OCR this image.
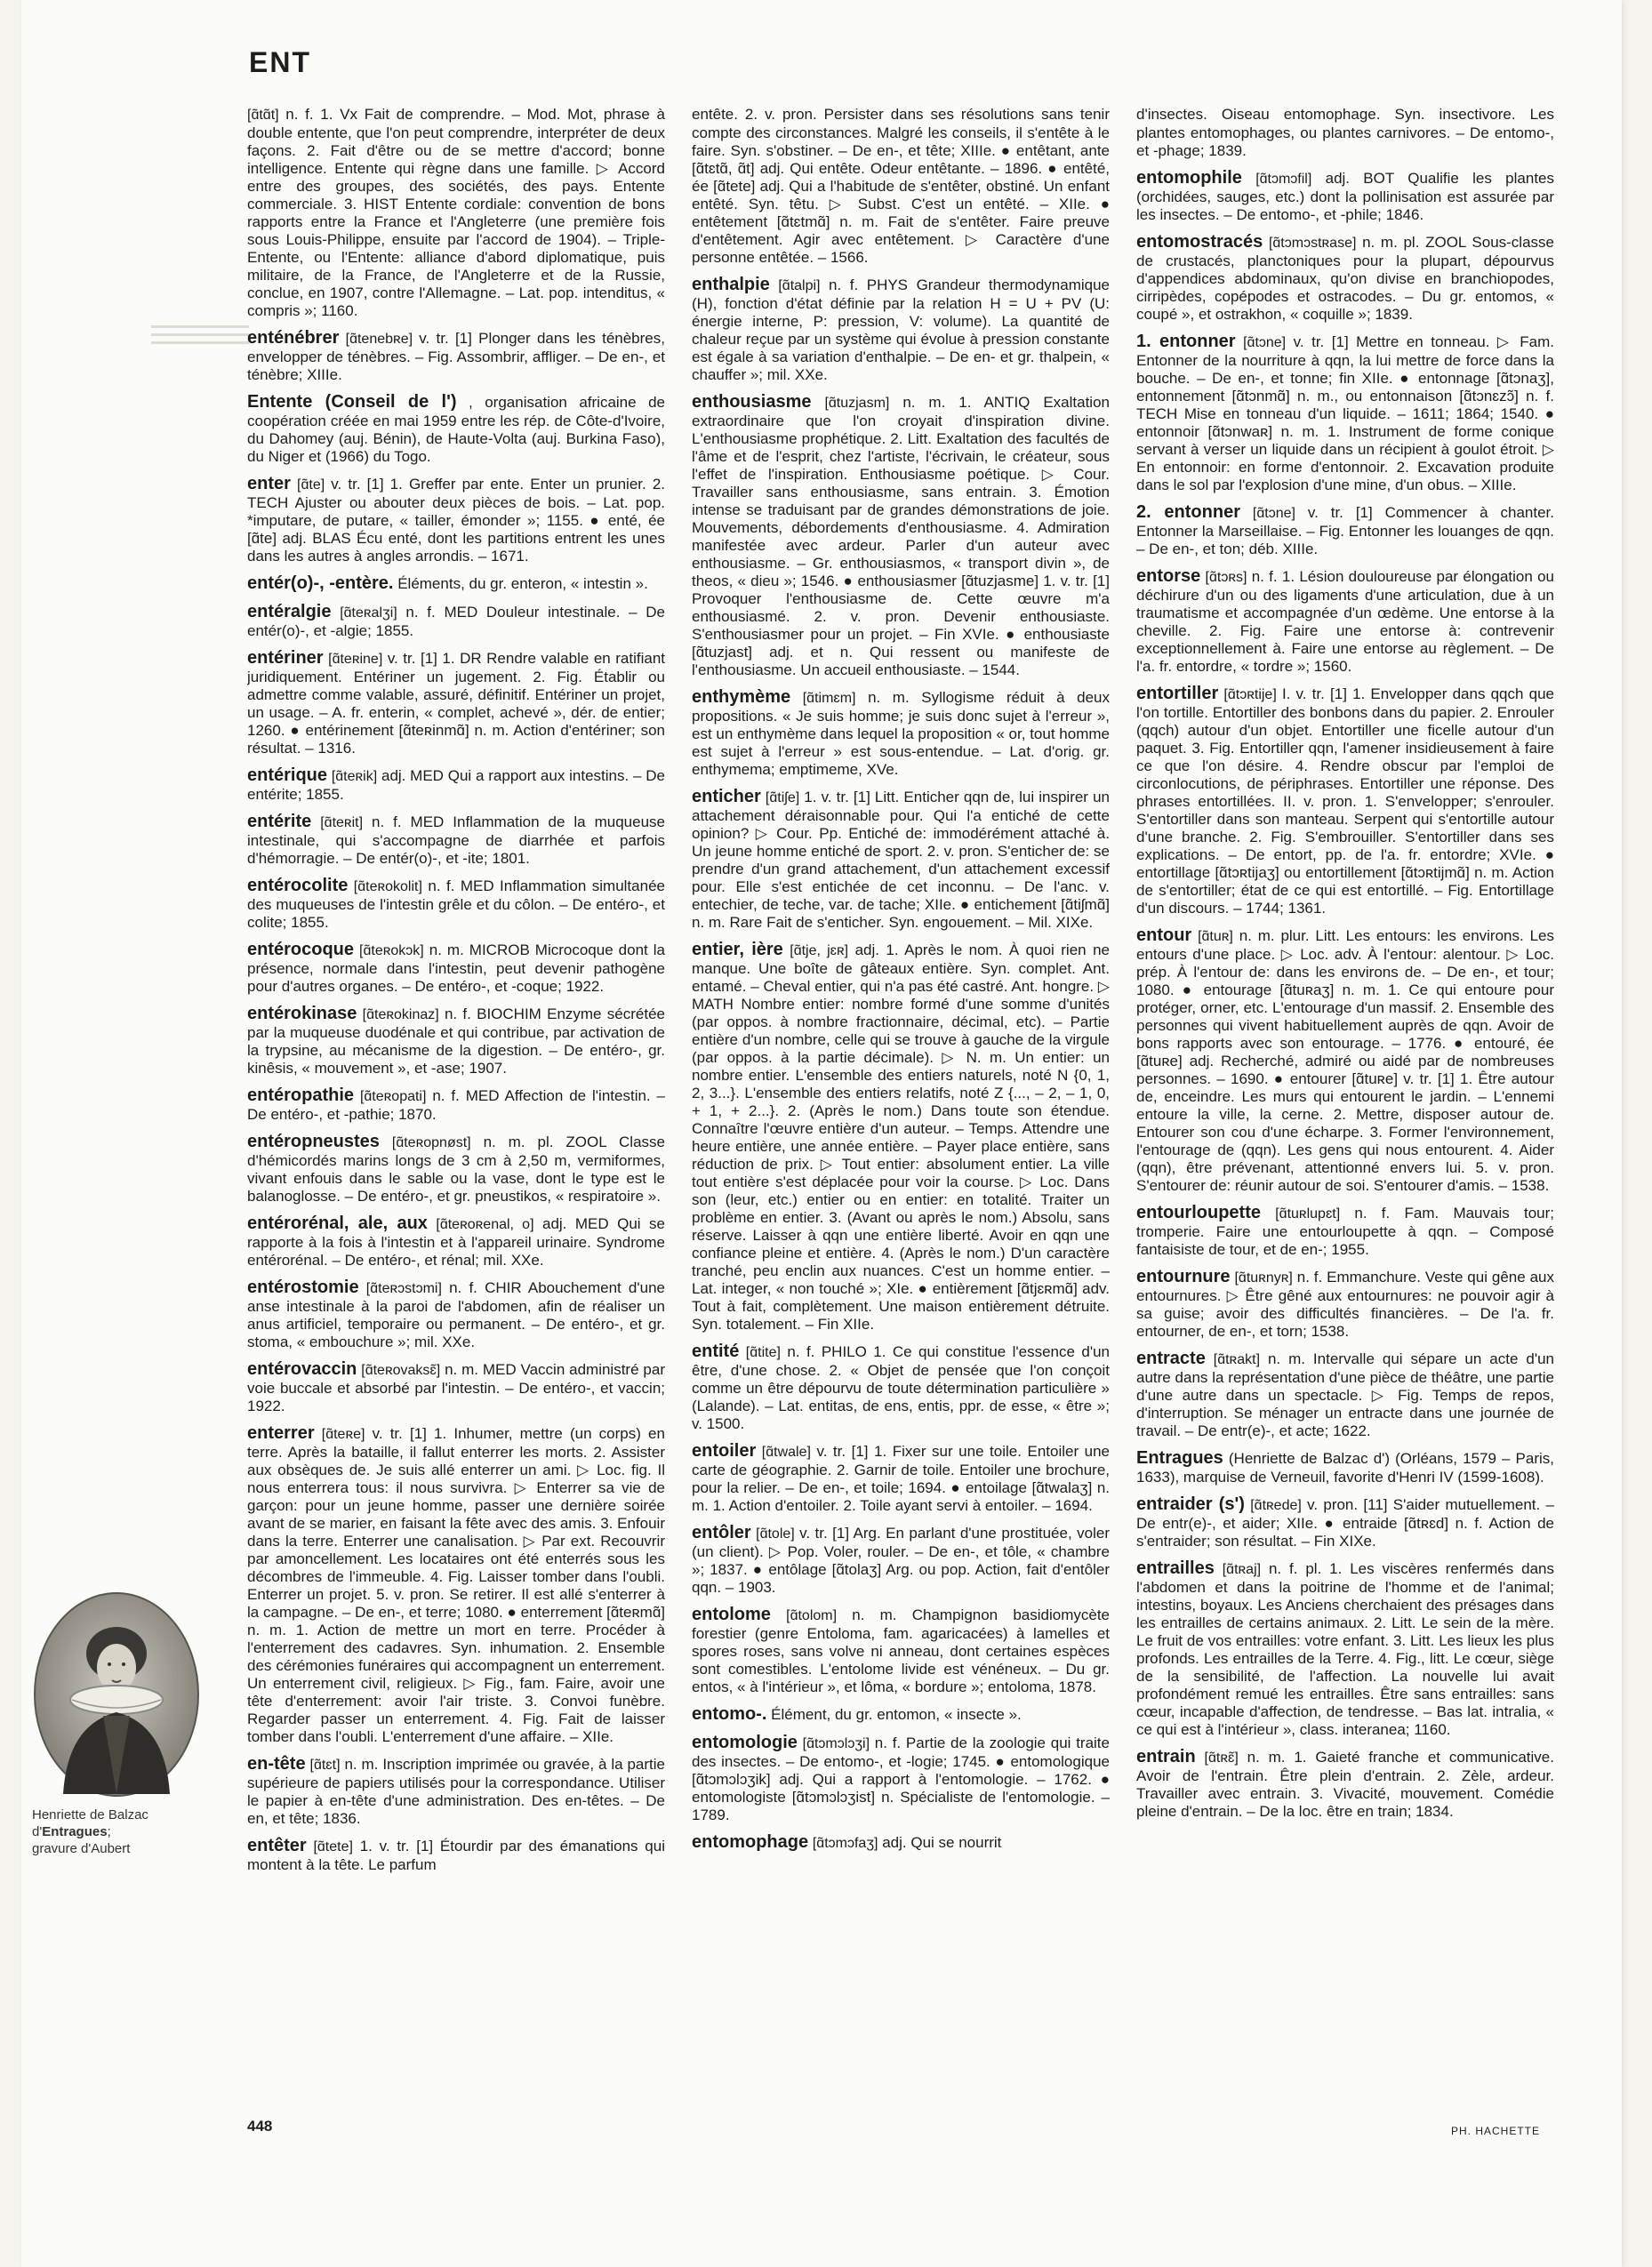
ENT

[ɑ̃tɑ̃t] n. f. 1. Vx Fait de comprendre. – Mod. Mot, phrase à double entente, que l'on peut comprendre, interpréter de deux façons. 2. Fait d'être ou de se mettre d'accord; bonne intelligence. Entente qui règne dans une famille. ▷ Accord entre des groupes, des sociétés, des pays. Entente commerciale. 3. HIST Entente cordiale: convention de bons rapports entre la France et l'Angleterre (une première fois sous Louis-Philippe, ensuite par l'accord de 1904). – Triple-Entente, ou l'Entente: alliance d'abord diplomatique, puis militaire, de la France, de l'Angleterre et de la Russie, conclue, en 1907, contre l'Allemagne. – Lat. pop. intenditus, « compris »; 1160.

enténébrer [ɑ̃tenebʀe] v. tr. [1] Plonger dans les ténèbres, envelopper de ténèbres. – Fig. Assombrir, affliger. – De en-, et ténèbre; XIIIe.

Entente (Conseil de l') , organisation africaine de coopération créée en mai 1959 entre les rép. de Côte-d'Ivoire, du Dahomey (auj. Bénin), de Haute-Volta (auj. Burkina Faso), du Niger et (1966) du Togo.

enter [ɑ̃te] v. tr. [1] 1. Greffer par ente. Enter un prunier. 2. TECH Ajuster ou abouter deux pièces de bois. – Lat. pop. *imputare, de putare, « tailler, émonder »; 1155. ● enté, ée [ɑ̃te] adj. BLAS Écu enté, dont les partitions entrent les unes dans les autres à angles arrondis. – 1671.

entér(o)-, -entère. Éléments, du gr. enteron, « intestin ».

entéralgie [ɑ̃teʀalʒi] n. f. MED Douleur intestinale. – De entér(o)-, et -algie; 1855.

entériner [ɑ̃teʀine] v. tr. [1] 1. DR Rendre valable en ratifiant juridiquement. Entériner un jugement. 2. Fig. Établir ou admettre comme valable, assuré, définitif. Entériner un projet, un usage. – A. fr. enterin, « complet, achevé », dér. de entier; 1260. ● entérinement [ɑ̃teʀinmɑ̃] n. m. Action d'entériner; son résultat. – 1316.

entérique [ɑ̃teʀik] adj. MED Qui a rapport aux intestins. – De entérite; 1855.

entérite [ɑ̃teʀit] n. f. MED Inflammation de la muqueuse intestinale, qui s'accompagne de diarrhée et parfois d'hémorragie. – De entér(o)-, et -ite; 1801.

entérocolite [ɑ̃teʀokolit] n. f. MED Inflammation simultanée des muqueuses de l'intestin grêle et du côlon. – De entéro-, et colite; 1855.

entérocoque [ɑ̃teʀokɔk] n. m. MICROB Microcoque dont la présence, normale dans l'intestin, peut devenir pathogène pour d'autres organes. – De entéro-, et -coque; 1922.

entérokinase [ɑ̃teʀokinaz] n. f. BIOCHIM Enzyme sécrétée par la muqueuse duodénale et qui contribue, par activation de la trypsine, au mécanisme de la digestion. – De entéro-, gr. kinêsis, « mouvement », et -ase; 1907.

entéropathie [ɑ̃teʀopati] n. f. MED Affection de l'intestin. – De entéro-, et -pathie; 1870.

entéropneustes [ɑ̃teʀopnøst] n. m. pl. ZOOL Classe d'hémicordés marins longs de 3 cm à 2,50 m, vermiformes, vivant enfouis dans le sable ou la vase, dont le type est le balanoglosse. – De entéro-, et gr. pneustikos, « respiratoire ».

entérorénal, ale, aux [ɑ̃teʀoʀenal, o] adj. MED Qui se rapporte à la fois à l'intestin et à l'appareil urinaire. Syndrome entérorénal. – De entéro-, et rénal; mil. XXe.

entérostomie [ɑ̃teʀɔstɔmi] n. f. CHIR Abouchement d'une anse intestinale à la paroi de l'abdomen, afin de réaliser un anus artificiel, temporaire ou permanent. – De entéro-, et gr. stoma, « embouchure »; mil. XXe.

entérovaccin [ɑ̃teʀovaksɛ̃] n. m. MED Vaccin administré par voie buccale et absorbé par l'intestin. – De entéro-, et vaccin; 1922.

enterrer [ɑ̃teʀe] v. tr. [1] 1. Inhumer, mettre (un corps) en terre. Après la bataille, il fallut enterrer les morts. 2. Assister aux obsèques de. Je suis allé enterrer un ami. ▷ Loc. fig. Il nous enterrera tous: il nous survivra. ▷ Enterrer sa vie de garçon: pour un jeune homme, passer une dernière soirée avant de se marier, en faisant la fête avec des amis. 3. Enfouir dans la terre. Enterrer une canalisation. ▷ Par ext. Recouvrir par amoncellement. Les locataires ont été enterrés sous les décombres de l'immeuble. 4. Fig. Laisser tomber dans l'oubli. Enterrer un projet. 5. v. pron. Se retirer. Il est allé s'enterrer à la campagne. – De en-, et terre; 1080. ● enterrement [ɑ̃teʀmɑ̃] n. m. 1. Action de mettre un mort en terre. Procéder à l'enterrement des cadavres. Syn. inhumation. 2. Ensemble des cérémonies funéraires qui accompagnent un enterrement. Un enterrement civil, religieux. ▷ Fig., fam. Faire, avoir une tête d'enterrement: avoir l'air triste. 3. Convoi funèbre. Regarder passer un enterrement. 4. Fig. Fait de laisser tomber dans l'oubli. L'enterrement d'une affaire. – XIIe.

en-tête [ɑ̃tɛt] n. m. Inscription imprimée ou gravée, à la partie supérieure de papiers utilisés pour la correspondance. Utiliser le papier à en-tête d'une administration. Des en-têtes. – De en, et tête; 1836.

entêter [ɑ̃tete] 1. v. tr. [1] Étourdir par des émanations qui montent à la tête. Le parfum

entête. 2. v. pron. Persister dans ses résolutions sans tenir compte des circonstances. Malgré les conseils, il s'entête à le faire. Syn. s'obstiner. – De en-, et tête; XIIIe. ● entêtant, ante [ɑ̃tɛtɑ̃, ɑ̃t] adj. Qui entête. Odeur entêtante. – 1896. ● entêté, ée [ɑ̃tete] adj. Qui a l'habitude de s'entêter, obstiné. Un enfant entêté. Syn. têtu. ▷ Subst. C'est un entêté. – XIIe. ● entêtement [ɑ̃tɛtmɑ̃] n. m. Fait de s'entêter. Faire preuve d'entêtement. Agir avec entêtement. ▷ Caractère d'une personne entêtée. – 1566.

enthalpie [ɑ̃talpi] n. f. PHYS Grandeur thermodynamique (H), fonction d'état définie par la relation H = U + PV (U: énergie interne, P: pression, V: volume). La quantité de chaleur reçue par un système qui évolue à pression constante est égale à sa variation d'enthalpie. – De en- et gr. thalpein, « chauffer »; mil. XXe.

enthousiasme [ɑ̃tuzjasm] n. m. 1. ANTIQ Exaltation extraordinaire que l'on croyait d'inspiration divine. L'enthousiasme prophétique. 2. Litt. Exaltation des facultés de l'âme et de l'esprit, chez l'artiste, l'écrivain, le créateur, sous l'effet de l'inspiration. Enthousiasme poétique. ▷ Cour. Travailler sans enthousiasme, sans entrain. 3. Émotion intense se traduisant par de grandes démonstrations de joie. Mouvements, débordements d'enthousiasme. 4. Admiration manifestée avec ardeur. Parler d'un auteur avec enthousiasme. – Gr. enthousiasmos, « transport divin », de theos, « dieu »; 1546. ● enthousiasmer [ɑ̃tuzjasme] 1. v. tr. [1] Provoquer l'enthousiasme de. Cette œuvre m'a enthousiasmé. 2. v. pron. Devenir enthousiaste. S'enthousiasmer pour un projet. – Fin XVIe. ● enthousiaste [ɑ̃tuzjast] adj. et n. Qui ressent ou manifeste de l'enthousiasme. Un accueil enthousiaste. – 1544.

enthymème [ɑ̃timɛm] n. m. Syllogisme réduit à deux propositions. « Je suis homme; je suis donc sujet à l'erreur », est un enthymème dans lequel la proposition « or, tout homme est sujet à l'erreur » est sous-entendue. – Lat. d'orig. gr. enthymema; emptimeme, XVe.

enticher [ɑ̃tiʃe] 1. v. tr. [1] Litt. Enticher qqn de, lui inspirer un attachement déraisonnable pour. Qui l'a entiché de cette opinion? ▷ Cour. Pp. Entiché de: immodérément attaché à. Un jeune homme entiché de sport. 2. v. pron. S'enticher de: se prendre d'un grand attachement, d'un attachement excessif pour. Elle s'est entichée de cet inconnu. – De l'anc. v. entechier, de teche, var. de tache; XIIe. ● entichement [ɑ̃tiʃmɑ̃] n. m. Rare Fait de s'enticher. Syn. engouement. – Mil. XIXe.

entier, ière [ɑ̃tje, jɛʀ] adj. 1. Après le nom. À quoi rien ne manque. Une boîte de gâteaux entière. Syn. complet. Ant. entamé. – Cheval entier, qui n'a pas été castré. Ant. hongre. ▷ MATH Nombre entier: nombre formé d'une somme d'unités (par oppos. à nombre fractionnaire, décimal, etc). – Partie entière d'un nombre, celle qui se trouve à gauche de la virgule (par oppos. à la partie décimale). ▷ N. m. Un entier: un nombre entier. L'ensemble des entiers naturels, noté N {0, 1, 2, 3...}. L'ensemble des entiers relatifs, noté Z {..., – 2, – 1, 0, + 1, + 2...}. 2. (Après le nom.) Dans toute son étendue. Connaître l'œuvre entière d'un auteur. – Temps. Attendre une heure entière, une année entière. – Payer place entière, sans réduction de prix. ▷ Tout entier: absolument entier. La ville tout entière s'est déplacée pour voir la course. ▷ Loc. Dans son (leur, etc.) entier ou en entier: en totalité. Traiter un problème en entier. 3. (Avant ou après le nom.) Absolu, sans réserve. Laisser à qqn une entière liberté. Avoir en qqn une confiance pleine et entière. 4. (Après le nom.) D'un caractère tranché, peu enclin aux nuances. C'est un homme entier. – Lat. integer, « non touché »; XIe. ● entièrement [ɑ̃tjɛʀmɑ̃] adv. Tout à fait, complètement. Une maison entièrement détruite. Syn. totalement. – Fin XIIe.

entité [ɑ̃tite] n. f. PHILO 1. Ce qui constitue l'essence d'un être, d'une chose. 2. « Objet de pensée que l'on conçoit comme un être dépourvu de toute détermination particulière » (Lalande). – Lat. entitas, de ens, entis, ppr. de esse, « être »; v. 1500.

entoiler [ɑ̃twale] v. tr. [1] 1. Fixer sur une toile. Entoiler une carte de géographie. 2. Garnir de toile. Entoiler une brochure, pour la relier. – De en-, et toile; 1694. ● entoilage [ɑ̃twalaʒ] n. m. 1. Action d'entoiler. 2. Toile ayant servi à entoiler. – 1694.

entôler [ɑ̃tole] v. tr. [1] Arg. En parlant d'une prostituée, voler (un client). ▷ Pop. Voler, rouler. – De en-, et tôle, « chambre »; 1837. ● entôlage [ɑ̃tolaʒ] Arg. ou pop. Action, fait d'entôler qqn. – 1903.

entolome [ɑ̃tolom] n. m. Champignon basidiomycète forestier (genre Entoloma, fam. agaricacées) à lamelles et spores roses, sans volve ni anneau, dont certaines espèces sont comestibles. L'entolome livide est vénéneux. – Du gr. entos, « à l'intérieur », et lôma, « bordure »; entoloma, 1878.

entomo-. Élément, du gr. entomon, « insecte ».

entomologie [ɑ̃tɔmɔlɔʒi] n. f. Partie de la zoologie qui traite des insectes. – De entomo-, et -logie; 1745. ● entomologique [ɑ̃tɔmɔlɔʒik] adj. Qui a rapport à l'entomologie. – 1762. ● entomologiste [ɑ̃tɔmɔlɔʒist] n. Spécialiste de l'entomologie. – 1789.

entomophage [ɑ̃tɔmɔfaʒ] adj. Qui se nourrit

d'insectes. Oiseau entomophage. Syn. insectivore. Les plantes entomophages, ou plantes carnivores. – De entomo-, et -phage; 1839.

entomophile [ɑ̃tɔmɔfil] adj. BOT Qualifie les plantes (orchidées, sauges, etc.) dont la pollinisation est assurée par les insectes. – De entomo-, et -phile; 1846.

entomostracés [ɑ̃tɔmɔstʀase] n. m. pl. ZOOL Sous-classe de crustacés, planctoniques pour la plupart, dépourvus d'appendices abdominaux, qu'on divise en branchiopodes, cirripèdes, copépodes et ostracodes. – Du gr. entomos, « coupé », et ostrakhon, « coquille »; 1839.

1. entonner [ɑ̃tɔne] v. tr. [1] Mettre en tonneau. ▷ Fam. Entonner de la nourriture à qqn, la lui mettre de force dans la bouche. – De en-, et tonne; fin XIIe. ● entonnage [ɑ̃tɔnaʒ], entonnement [ɑ̃tɔnmɑ̃] n. m., ou entonnaison [ɑ̃tɔnɛzɔ̃] n. f. TECH Mise en tonneau d'un liquide. – 1611; 1864; 1540. ● entonnoir [ɑ̃tɔnwaʀ] n. m. 1. Instrument de forme conique servant à verser un liquide dans un récipient à goulot étroit. ▷ En entonnoir: en forme d'entonnoir. 2. Excavation produite dans le sol par l'explosion d'une mine, d'un obus. – XIIIe.

2. entonner [ɑ̃tɔne] v. tr. [1] Commencer à chanter. Entonner la Marseillaise. – Fig. Entonner les louanges de qqn. – De en-, et ton; déb. XIIIe.

entorse [ɑ̃tɔʀs] n. f. 1. Lésion douloureuse par élongation ou déchirure d'un ou des ligaments d'une articulation, due à un traumatisme et accompagnée d'un œdème. Une entorse à la cheville. 2. Fig. Faire une entorse à: contrevenir exceptionnellement à. Faire une entorse au règlement. – De l'a. fr. entordre, « tordre »; 1560.

entortiller [ɑ̃tɔʀtije] I. v. tr. [1] 1. Envelopper dans qqch que l'on tortille. Entortiller des bonbons dans du papier. 2. Enrouler (qqch) autour d'un objet. Entortiller une ficelle autour d'un paquet. 3. Fig. Entortiller qqn, l'amener insidieusement à faire ce que l'on désire. 4. Rendre obscur par l'emploi de circonlocutions, de périphrases. Entortiller une réponse. Des phrases entortillées. II. v. pron. 1. S'envelopper; s'enrouler. S'entortiller dans son manteau. Serpent qui s'entortille autour d'une branche. 2. Fig. S'embrouiller. S'entortiller dans ses explications. – De entort, pp. de l'a. fr. entordre; XVIe. ● entortillage [ɑ̃tɔʀtijaʒ] ou entortillement [ɑ̃tɔʀtijmɑ̃] n. m. Action de s'entortiller; état de ce qui est entortillé. – Fig. Entortillage d'un discours. – 1744; 1361.

entour [ɑ̃tuʀ] n. m. plur. Litt. Les entours: les environs. Les entours d'une place. ▷ Loc. adv. À l'entour: alentour. ▷ Loc. prép. À l'entour de: dans les environs de. – De en-, et tour; 1080. ● entourage [ɑ̃tuʀaʒ] n. m. 1. Ce qui entoure pour protéger, orner, etc. L'entourage d'un massif. 2. Ensemble des personnes qui vivent habituellement auprès de qqn. Avoir de bons rapports avec son entourage. – 1776. ● entouré, ée [ɑ̃tuʀe] adj. Recherché, admiré ou aidé par de nombreuses personnes. – 1690. ● entourer [ɑ̃tuʀe] v. tr. [1] 1. Être autour de, enceindre. Les murs qui entourent le jardin. – L'ennemi entoure la ville, la cerne. 2. Mettre, disposer autour de. Entourer son cou d'une écharpe. 3. Former l'environnement, l'entourage de (qqn). Les gens qui nous entourent. 4. Aider (qqn), être prévenant, attentionné envers lui. 5. v. pron. S'entourer de: réunir autour de soi. S'entourer d'amis. – 1538.

entourloupette [ɑ̃tuʀlupɛt] n. f. Fam. Mauvais tour; tromperie. Faire une entourloupette à qqn. – Composé fantaisiste de tour, et de en-; 1955.

entournure [ɑ̃tuʀnyʀ] n. f. Emmanchure. Veste qui gêne aux entournures. ▷ Être gêné aux entournures: ne pouvoir agir à sa guise; avoir des difficultés financières. – De l'a. fr. entourner, de en-, et torn; 1538.

entracte [ɑ̃tʀakt] n. m. Intervalle qui sépare un acte d'un autre dans la représentation d'une pièce de théâtre, une partie d'une autre dans un spectacle. ▷ Fig. Temps de repos, d'interruption. Se ménager un entracte dans une journée de travail. – De entr(e)-, et acte; 1622.

Entragues (Henriette de Balzac d') (Orléans, 1579 – Paris, 1633), marquise de Verneuil, favorite d'Henri IV (1599-1608).

entraider (s') [ɑ̃tʀede] v. pron. [11] S'aider mutuellement. – De entr(e)-, et aider; XIIe. ● entraide [ɑ̃tʀɛd] n. f. Action de s'entraider; son résultat. – Fin XIXe.

entrailles [ɑ̃tʀaj] n. f. pl. 1. Les viscères renfermés dans l'abdomen et dans la poitrine de l'homme et de l'animal; intestins, boyaux. Les Anciens cherchaient des présages dans les entrailles de certains animaux. 2. Litt. Le sein de la mère. Le fruit de vos entrailles: votre enfant. 3. Litt. Les lieux les plus profonds. Les entrailles de la Terre. 4. Fig., litt. Le cœur, siège de la sensibilité, de l'affection. La nouvelle lui avait profondément remué les entrailles. Être sans entrailles: sans cœur, incapable d'affection, de tendresse. – Bas lat. intralia, « ce qui est à l'intérieur », class. interanea; 1160.

entrain [ɑ̃tʀɛ̃] n. m. 1. Gaieté franche et communicative. Avoir de l'entrain. Être plein d'entrain. 2. Zèle, ardeur. Travailler avec entrain. 3. Vivacité, mouvement. Comédie pleine d'entrain. – De la loc. être en train; 1834.

Henriette de Balzac
d'Entragues;
gravure d'Aubert
448	PH. HACHETTE
